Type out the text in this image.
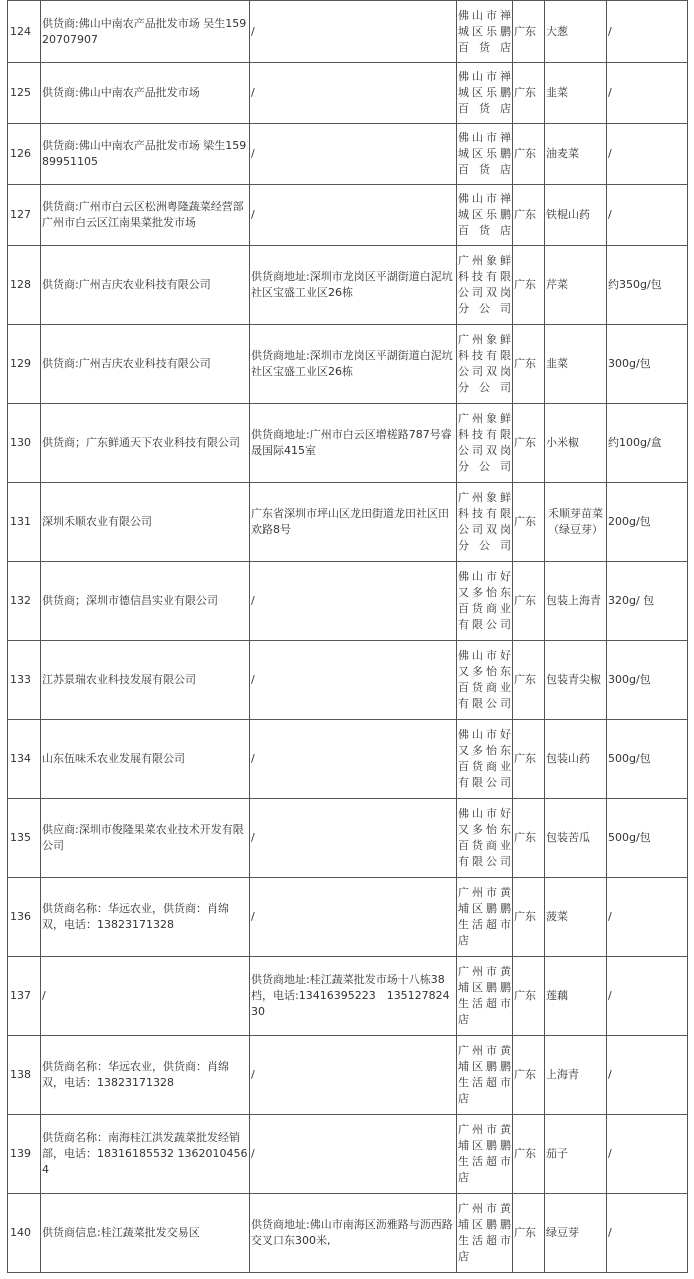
124	供货商:佛山中南农产品批发市场 吴生15920707907	/	佛山市禅城区乐鹏百货店	广东	大葱	/
125	供货商:佛山中南农产品批发市场	/	佛山市禅城区乐鹏百货店	广东	韭菜	/
126	供货商:佛山中南农产品批发市场 梁生15989951105	/	佛山市禅城区乐鹏百货店	广东	油麦菜	/
127	供货商:广州市白云区松洲粤隆蔬菜经营部广州市白云区江南果菜批发市场	/	佛山市禅城区乐鹏百货店	广东	铁棍山药	/
128	供货商:广州吉庆农业科技有限公司	供货商地址:深圳市龙岗区平湖街道白泥坑社区宝盛工业区26栋	广州象鲜科技有限公司双岗分公司	广东	芹菜	约350g/包
129	供货商:广州吉庆农业科技有限公司	供货商地址:深圳市龙岗区平湖街道白泥坑社区宝盛工业区26栋	广州象鲜科技有限公司双岗分公司	广东	韭菜	300g/包
130	供货商；广东鲜通天下农业科技有限公司	供货商地址:广州市白云区增槎路787号睿晟国际415室	广州象鲜科技有限公司双岗分公司	广东	小米椒	约100g/盒
131	深圳禾顺农业有限公司	广东省深圳市坪山区龙田街道龙田社区田欢路8号	广州象鲜科技有限公司双岗分公司	广东	禾顺芽苗菜（绿豆芽）	200g/包
132	供货商；深圳市德信昌实业有限公司	/	佛山市好又多怡东百货商业有限公司	广东	包装上海青	320g/ 包
133	江苏景瑞农业科技发展有限公司	/	佛山市好又多怡东百货商业有限公司	广东	包装青尖椒	300g/包
134	山东伍味禾农业发展有限公司	/	佛山市好又多怡东百货商业有限公司	广东	包装山药	500g/包
135	供应商:深圳市俊隆果菜农业技术开发有限公司	/	佛山市好又多怡东百货商业有限公司	广东	包装苦瓜	500g/包
136	供货商名称：华远农业，供货商：肖绵双，电话：13823171328	/	广州市黄埔区鹏鹏生活超市店	广东	菠菜	/
137	/	供货商地址:桂江蔬菜批发市场十八栋38档，电话:13416395223　13512782430	广州市黄埔区鹏鹏生活超市店	广东	莲藕	/
138	供货商名称：华远农业，供货商：肖绵双，电话：13823171328	/	广州市黄埔区鹏鹏生活超市店	广东	上海青	/
139	供货商名称：南海桂江洪发蔬菜批发经销部，电话：18316185532 13620104564	/	广州市黄埔区鹏鹏生活超市店	广东	茄子	/
140	供货商信息:桂江蔬菜批发交易区	供货商地址:佛山市南海区沥雅路与沥西路交叉口东300米,	广州市黄埔区鹏鹏生活超市店	广东	绿豆芽	/
